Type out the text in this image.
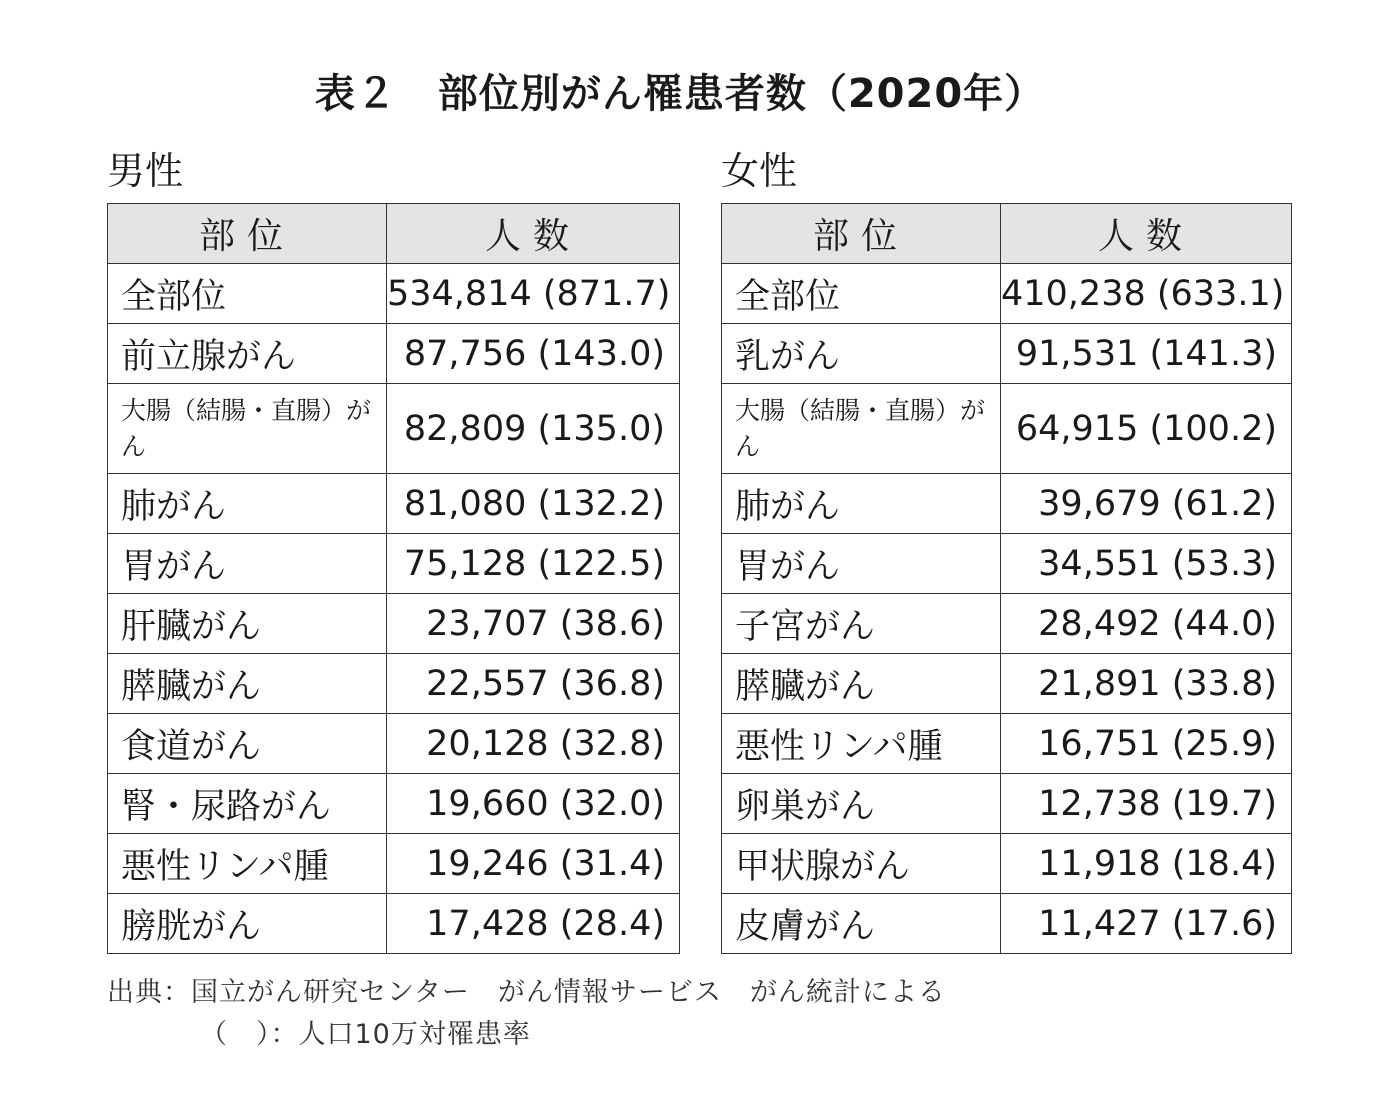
表２　部位別がん罹患者数（2020年）
男性	女性
部位	人数
全部位	534,814 (871.7)
前立腺がん	87,756 (143.0)

大腸（結腸・直腸）がん	82,809 (135.0)
肺がん	81,080 (132.2)
胃がん	75,128 (122.5)
肝臓がん	23,707 (38.6)
膵臓がん	22,557 (36.8)
食道がん	20,128 (32.8)
腎・尿路がん	19,660 (32.0)
悪性リンパ腫	19,246 (31.4)
膀胱がん	17,428 (28.4)
部位	人数
全部位	410,238 (633.1)
乳がん	91,531 (141.3)

大腸（結腸・直腸）がん	64,915 (100.2)
肺がん	39,679 (61.2)
胃がん	34,551 (53.3)
子宮がん	28,492 (44.0)
膵臓がん	21,891 (33.8)
悪性リンパ腫	16,751 (25.9)
卵巣がん	12,738 (19.7)
甲状腺がん	11,918 (18.4)
皮膚がん	11,427 (17.6)
出典：国立がん研究センター　がん情報サービス　がん統計による
（　）：人口10万対罹患率
